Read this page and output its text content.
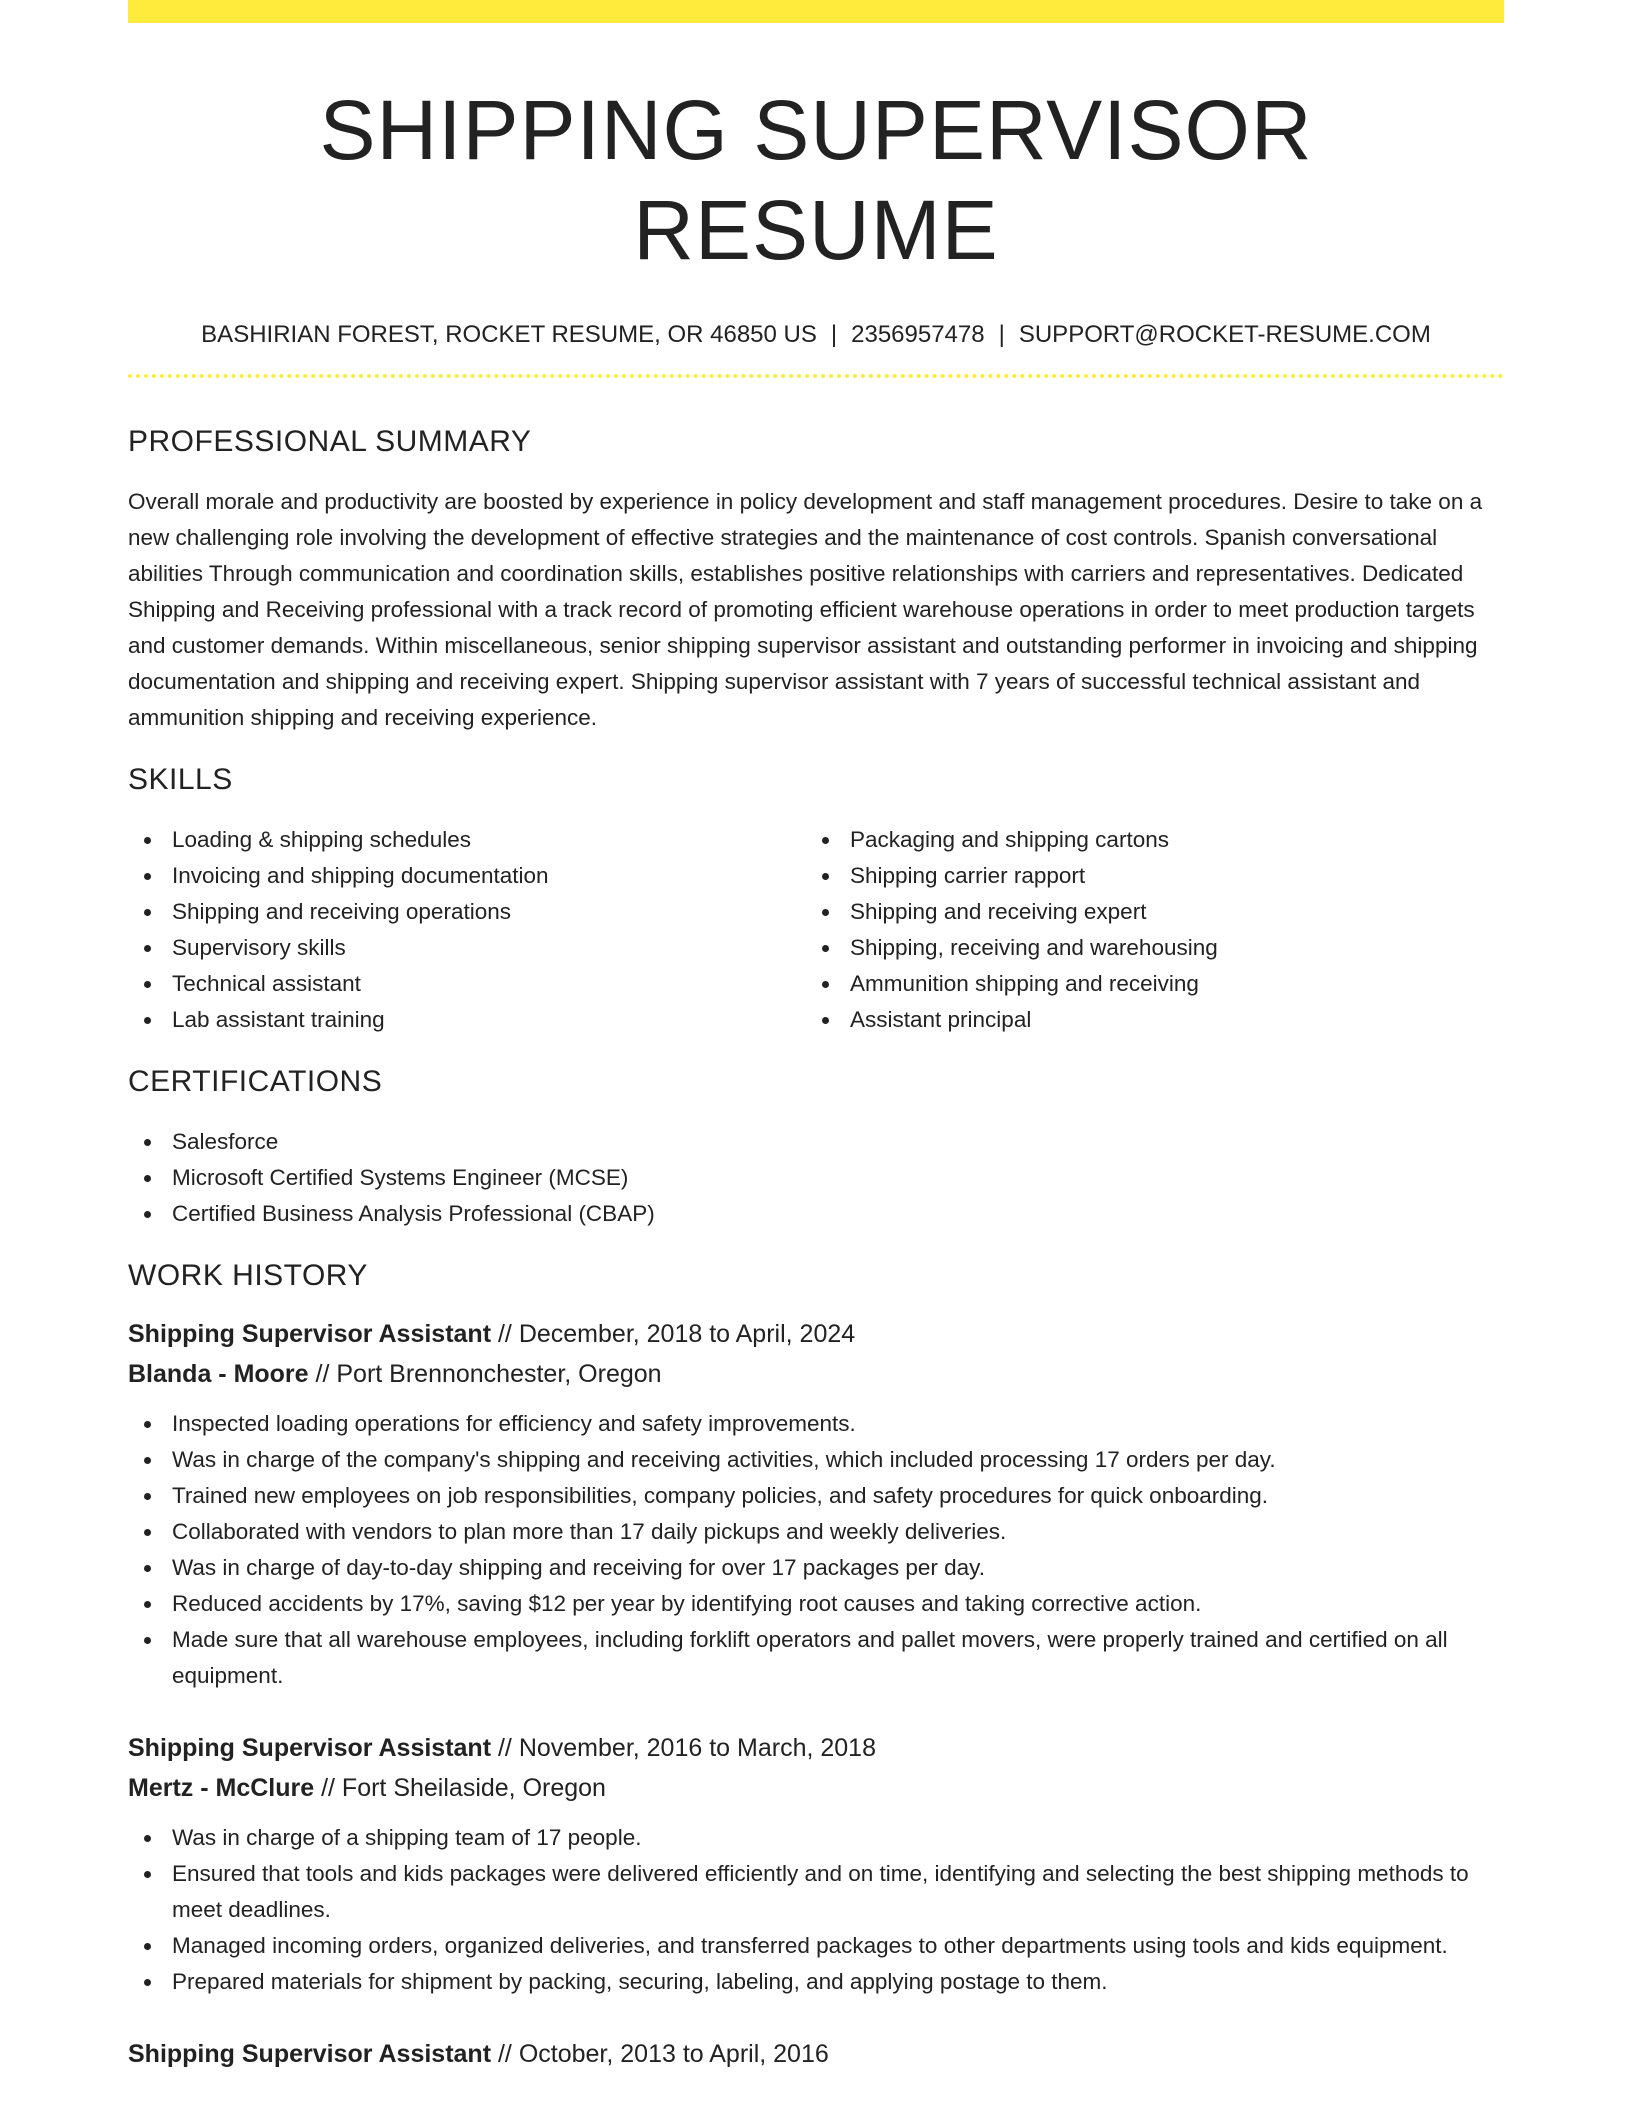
SHIPPING SUPERVISOR RESUME
BASHIRIAN FOREST, ROCKET RESUME, OR 46850 US | 2356957478 | SUPPORT@ROCKET-RESUME.COM
PROFESSIONAL SUMMARY

Overall morale and productivity are boosted by experience in policy development and staff management procedures. Desire to take on a new challenging role involving the development of effective strategies and the maintenance of cost controls. Spanish conversational abilities Through communication and coordination skills, establishes positive relationships with carriers and representatives. Dedicated Shipping and Receiving professional with a track record of promoting efficient warehouse operations in order to meet production targets and customer demands. Within miscellaneous, senior shipping supervisor assistant and outstanding performer in invoicing and shipping documentation and shipping and receiving expert. Shipping supervisor assistant with 7 years of successful technical assistant and ammunition shipping and receiving experience.

SKILLS
Loading & shipping schedules
Invoicing and shipping documentation
Shipping and receiving operations
Supervisory skills
Technical assistant
Lab assistant training
Packaging and shipping cartons
Shipping carrier rapport
Shipping and receiving expert
Shipping, receiving and warehousing
Ammunition shipping and receiving
Assistant principal
CERTIFICATIONS
Salesforce
Microsoft Certified Systems Engineer (MCSE)
Certified Business Analysis Professional (CBAP)
WORK HISTORY
Shipping Supervisor Assistant // December, 2018 to April, 2024
Blanda - Moore // Port Brennonchester, Oregon
Inspected loading operations for efficiency and safety improvements.
Was in charge of the company's shipping and receiving activities, which included processing 17 orders per day.
Trained new employees on job responsibilities, company policies, and safety procedures for quick onboarding.
Collaborated with vendors to plan more than 17 daily pickups and weekly deliveries.
Was in charge of day-to-day shipping and receiving for over 17 packages per day.
Reduced accidents by 17%, saving $12 per year by identifying root causes and taking corrective action.
Made sure that all warehouse employees, including forklift operators and pallet movers, were properly trained and certified on all equipment.
Shipping Supervisor Assistant // November, 2016 to March, 2018
Mertz - McClure // Fort Sheilaside, Oregon
Was in charge of a shipping team of 17 people.
Ensured that tools and kids packages were delivered efficiently and on time, identifying and selecting the best shipping methods to meet deadlines.
Managed incoming orders, organized deliveries, and transferred packages to other departments using tools and kids equipment.
Prepared materials for shipment by packing, securing, labeling, and applying postage to them.
Shipping Supervisor Assistant // October, 2013 to April, 2016
